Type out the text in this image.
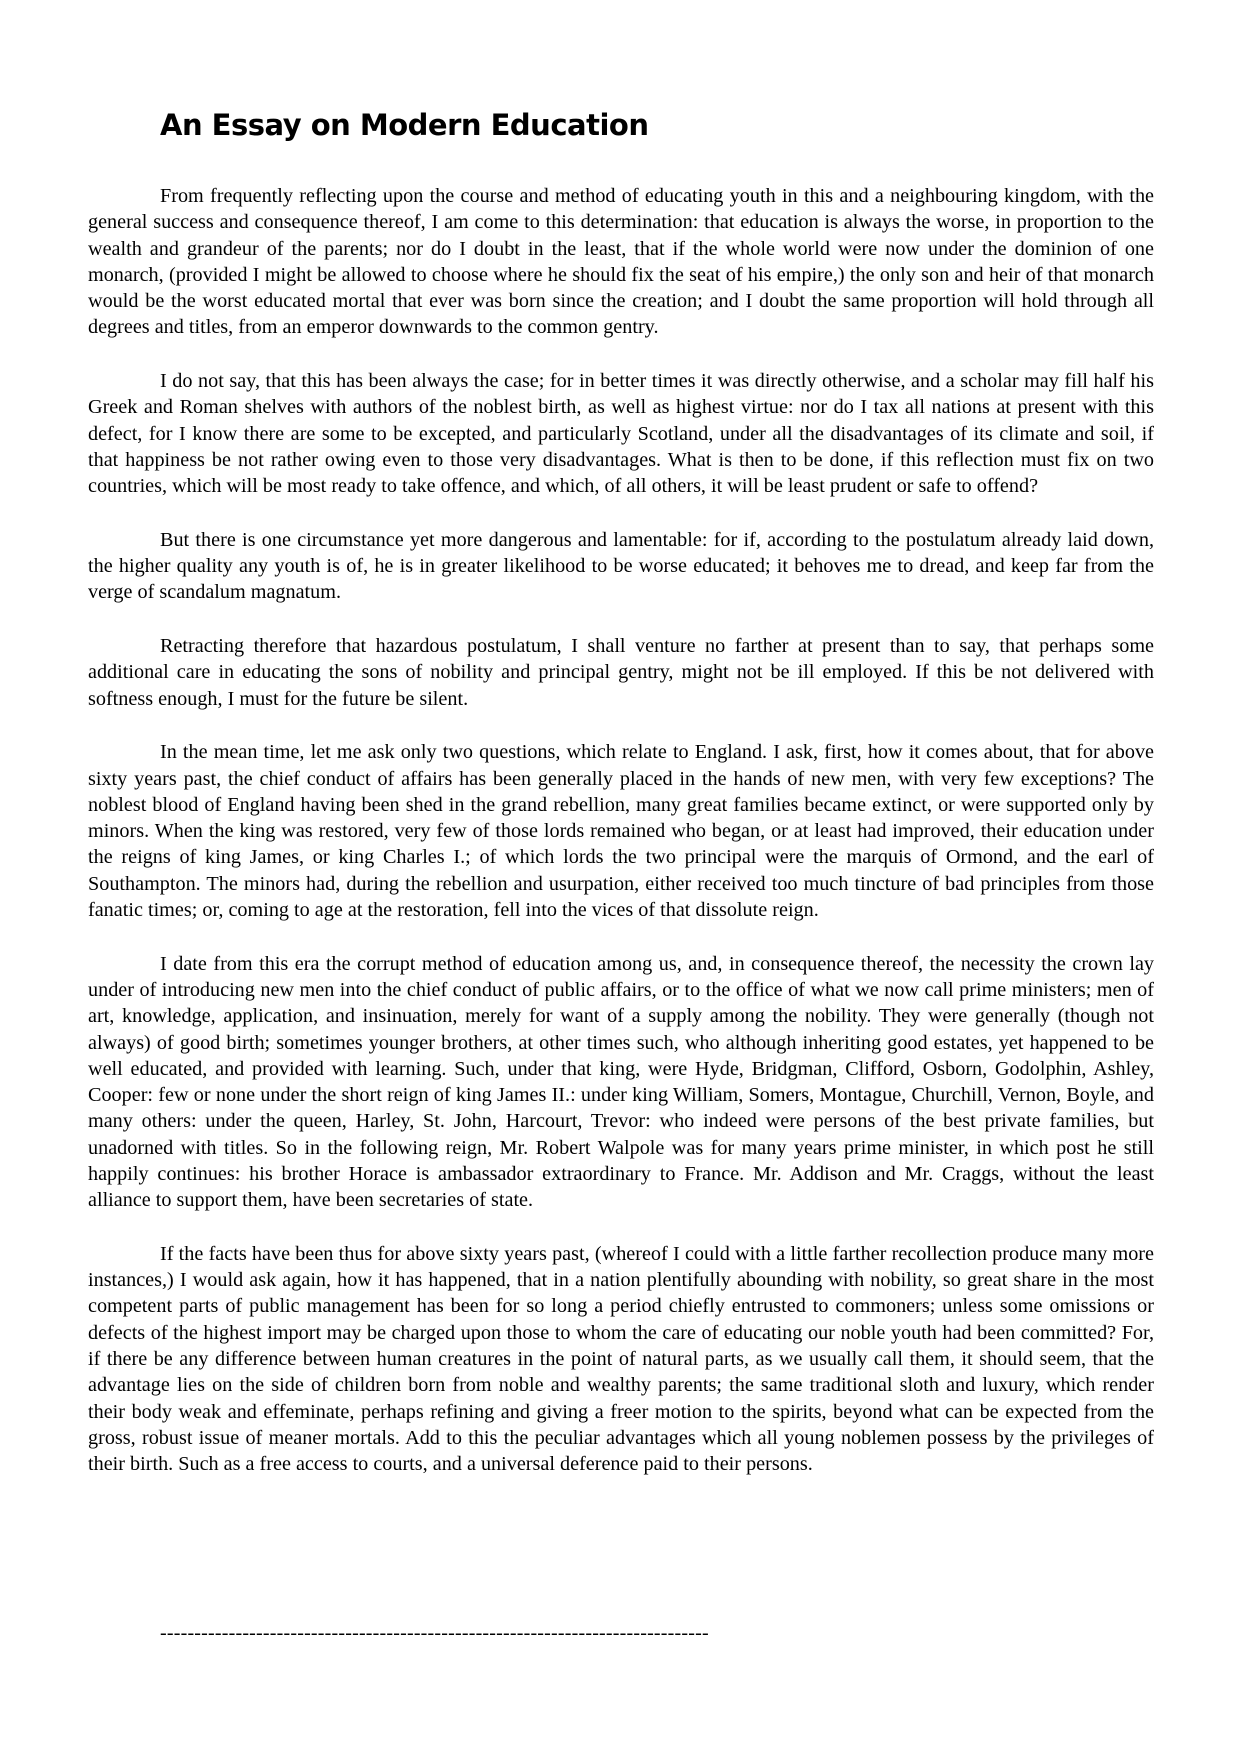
An Essay on Modern Education

From frequently reflecting upon the course and method of educating youth in this and a neighbouring kingdom, with the general success and consequence thereof, I am come to this determination: that education is always the worse, in proportion to the wealth and grandeur of the parents; nor do I doubt in the least, that if the whole world were now under the dominion of one monarch, (provided I might be allowed to choose where he should fix the seat of his empire,) the only son and heir of that monarch would be the worst educated mortal that ever was born since the creation; and I doubt the same proportion will hold through all degrees and titles, from an emperor downwards to the common gentry.

I do not say, that this has been always the case; for in better times it was directly otherwise, and a scholar may fill half his Greek and Roman shelves with authors of the noblest birth, as well as highest virtue: nor do I tax all nations at present with this defect, for I know there are some to be excepted, and particularly Scotland, under all the disadvantages of its climate and soil, if that happiness be not rather owing even to those very disadvantages. What is then to be done, if this reflection must fix on two countries, which will be most ready to take offence, and which, of all others, it will be least prudent or safe to offend?

But there is one circumstance yet more dangerous and lamentable: for if, according to the postulatum already laid down, the higher quality any youth is of, he is in greater likelihood to be worse educated; it behoves me to dread, and keep far from the verge of scandalum magnatum.

Retracting therefore that hazardous postulatum, I shall venture no farther at present than to say, that perhaps some additional care in educating the sons of nobility and principal gentry, might not be ill employed. If this be not delivered with softness enough, I must for the future be silent.

In the mean time, let me ask only two questions, which relate to England. I ask, first, how it comes about, that for above sixty years past, the chief conduct of affairs has been generally placed in the hands of new men, with very few exceptions? The noblest blood of England having been shed in the grand rebellion, many great families became extinct, or were supported only by minors. When the king was restored, very few of those lords remained who began, or at least had improved, their education under the reigns of king James, or king Charles I.; of which lords the two principal were the marquis of Ormond, and the earl of Southampton. The minors had, during the rebellion and usurpation, either received too much tincture of bad principles from those fanatic times; or, coming to age at the restoration, fell into the vices of that dissolute reign.

I date from this era the corrupt method of education among us, and, in consequence thereof, the necessity the crown lay under of introducing new men into the chief conduct of public affairs, or to the office of what we now call prime ministers; men of art, knowledge, application, and insinuation, merely for want of a supply among the nobility. They were generally (though not always) of good birth; sometimes younger brothers, at other times such, who although inheriting good estates, yet happened to be well educated, and provided with learning. Such, under that king, were Hyde, Bridgman, Clifford, Osborn, Godolphin, Ashley, Cooper: few or none under the short reign of king James II.: under king William, Somers, Montague, Churchill, Vernon, Boyle, and many others: under the queen, Harley, St. John, Harcourt, Trevor: who indeed were persons of the best private families, but unadorned with titles. So in the following reign, Mr. Robert Walpole was for many years prime minister, in which post he still happily continues: his brother Horace is ambassador extraordinary to France. Mr. Addison and Mr. Craggs, without the least alliance to support them, have been secretaries of state.

If the facts have been thus for above sixty years past, (whereof I could with a little farther recollection produce many more instances,) I would ask again, how it has happened, that in a nation plentifully abounding with nobility, so great share in the most competent parts of public management has been for so long a period chiefly entrusted to commoners; unless some omissions or defects of the highest import may be charged upon those to whom the care of educating our noble youth had been committed? For, if there be any difference between human creatures in the point of natural parts, as we usually call them, it should seem, that the advantage lies on the side of children born from noble and wealthy parents; the same traditional sloth and luxury, which render their body weak and effeminate, perhaps refining and giving a freer motion to the spirits, beyond what can be expected from the gross, robust issue of meaner mortals. Add to this the peculiar advantages which all young noblemen possess by the privileges of their birth. Such as a free access to courts, and a universal deference paid to their persons.

--------------------------------------------------------------------------------
